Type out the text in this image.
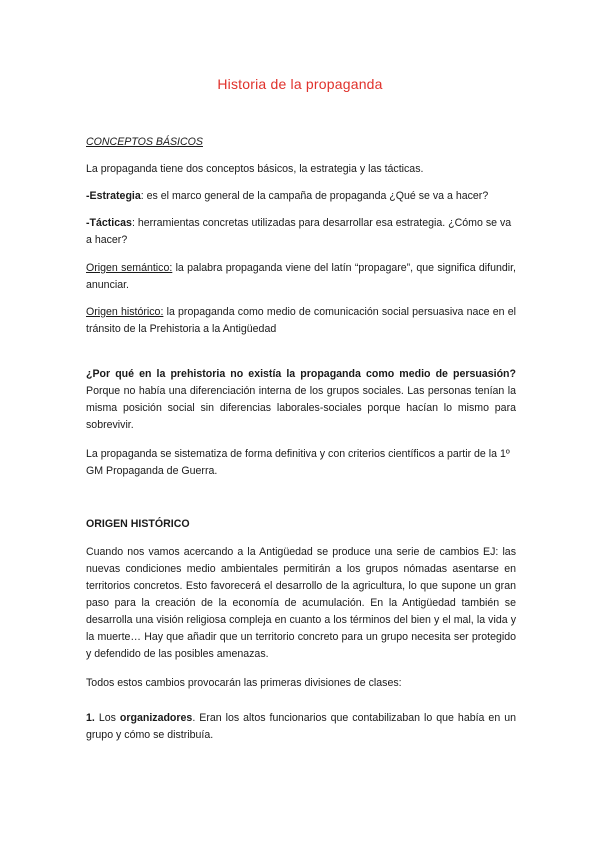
Historia de la propaganda
CONCEPTOS BÁSICOS

La propaganda tiene dos conceptos básicos, la estrategia y las tácticas.

-Estrategia: es el marco general de la campaña de propaganda ¿Qué se va a hacer?

-Tácticas: herramientas concretas utilizadas para desarrollar esa estrategia. ¿Cómo se va a hacer?

Origen semántico: la palabra propaganda viene del latín “propagare”, que significa difundir, anunciar.

Origen histórico: la propaganda como medio de comunicación social persuasiva nace en el tránsito de la Prehistoria a la Antigüedad

¿Por qué en la prehistoria no existía la propaganda como medio de persuasión? Porque no había una diferenciación interna de los grupos sociales. Las personas tenían la misma posición social sin diferencias laborales-sociales porque hacían lo mismo para sobrevivir.

La propaganda se sistematiza de forma definitiva y con criterios científicos a partir de la 1º GM Propaganda de Guerra.

ORIGEN HISTÓRICO

Cuando nos vamos acercando a la Antigüedad se produce una serie de cambios EJ: las nuevas condiciones medio ambientales permitirán a los grupos nómadas asentarse en territorios concretos. Esto favorecerá el desarrollo de la agricultura, lo que supone un gran paso para la creación de la economía de acumulación. En la Antigüedad también se desarrolla una visión religiosa compleja en cuanto a los términos del bien y el mal, la vida y la muerte… Hay que añadir que un territorio concreto para un grupo necesita ser protegido y defendido de las posibles amenazas.

Todos estos cambios provocarán las primeras divisiones de clases:

1. Los organizadores. Eran los altos funcionarios que contabilizaban lo que había en un grupo y cómo se distribuía.
